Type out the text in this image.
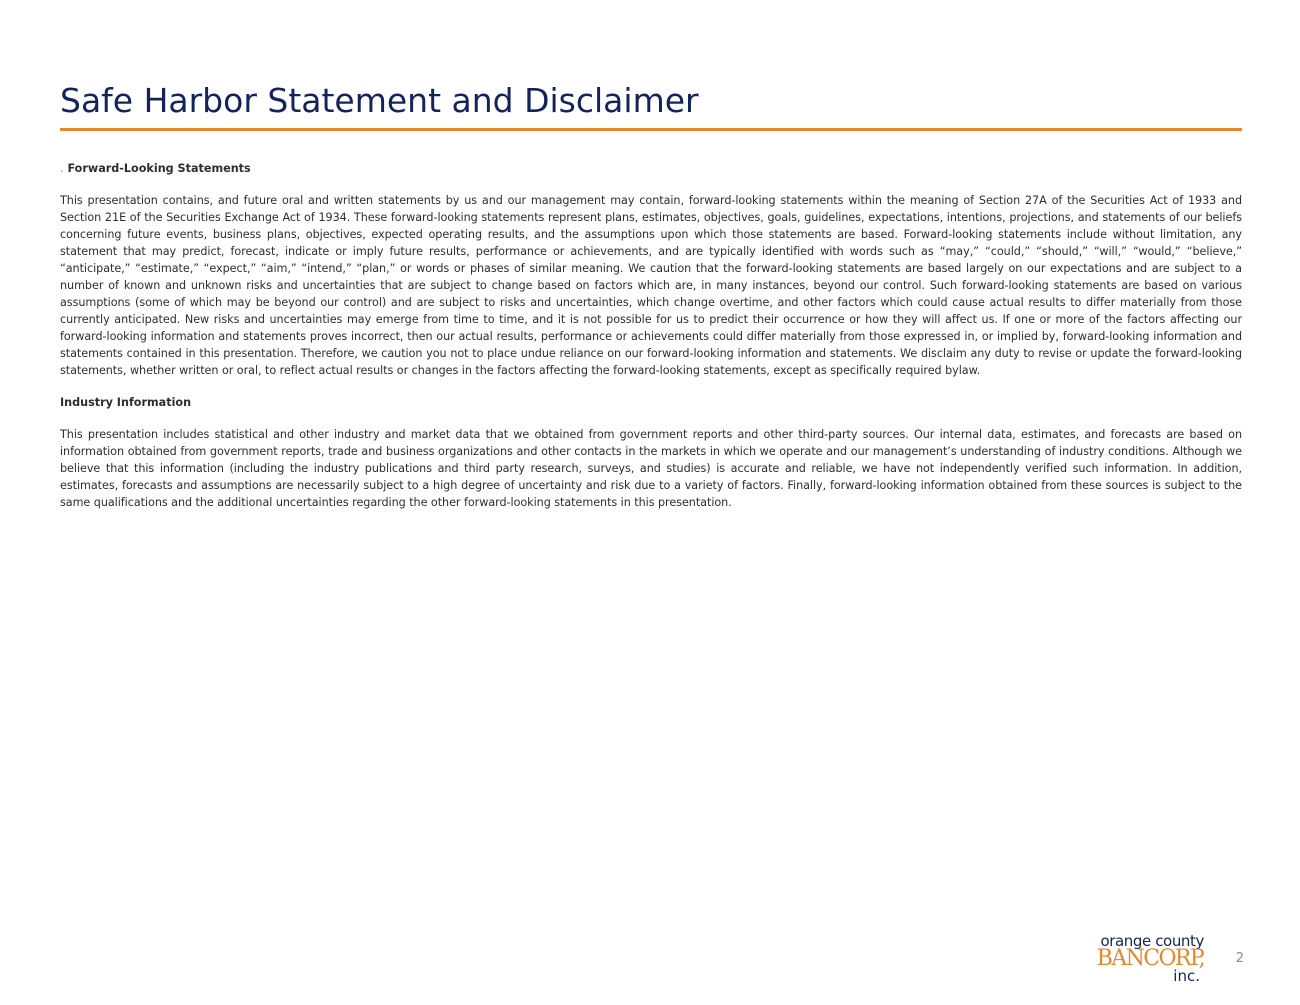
Safe Harbor Statement and Disclaimer

. Forward-Looking Statements

This presentation contains, and future oral and written statements by us and our management may contain, forward-looking statements within the meaning of Section 27A of the Securities Act of 1933 and Section 21E of the Securities Exchange Act of 1934. These forward-looking statements represent plans, estimates, objectives, goals, guidelines, expectations, intentions, projections, and statements of our beliefs concerning future events, business plans, objectives, expected operating results, and the assumptions upon which those statements are based. Forward-looking statements include without limitation, any statement that may predict, forecast, indicate or imply future results, performance or achievements, and are typically identified with words such as “may,” “could,” “should,” “will,” “would,” “believe,” “anticipate,” “estimate,” “expect,” “aim,” “intend,” “plan,” or words or phases of similar meaning. We caution that the forward-looking statements are based largely on our expectations and are subject to a number of known and unknown risks and uncertainties that are subject to change based on factors which are, in many instances, beyond our control. Such forward-looking statements are based on various assumptions (some of which may be beyond our control) and are subject to risks and uncertainties, which change overtime, and other factors which could cause actual results to differ materially from those currently anticipated. New risks and uncertainties may emerge from time to time, and it is not possible for us to predict their occurrence or how they will affect us. If one or more of the factors affecting our forward-looking information and statements proves incorrect, then our actual results, performance or achievements could differ materially from those expressed in, or implied by, forward-looking information and statements contained in this presentation. Therefore, we caution you not to place undue reliance on our forward-looking information and statements. We disclaim any duty to revise or update the forward-looking statements, whether written or oral, to reflect actual results or changes in the factors affecting the forward-looking statements, except as specifically required bylaw.

Industry Information

This presentation includes statistical and other industry and market data that we obtained from government reports and other third-party sources. Our internal data, estimates, and forecasts are based on information obtained from government reports, trade and business organizations and other contacts in the markets in which we operate and our management’s understanding of industry conditions. Although we believe that this information (including the industry publications and third party research, surveys, and studies) is accurate and reliable, we have not independently verified such information. In addition, estimates, forecasts and assumptions are necessarily subject to a high degree of uncertainty and risk due to a variety of factors. Finally, forward-looking information obtained from these sources is subject to the same qualifications and the additional uncertainties regarding the other forward-looking statements in this presentation.

orange county
BANCORP,
inc.
2
